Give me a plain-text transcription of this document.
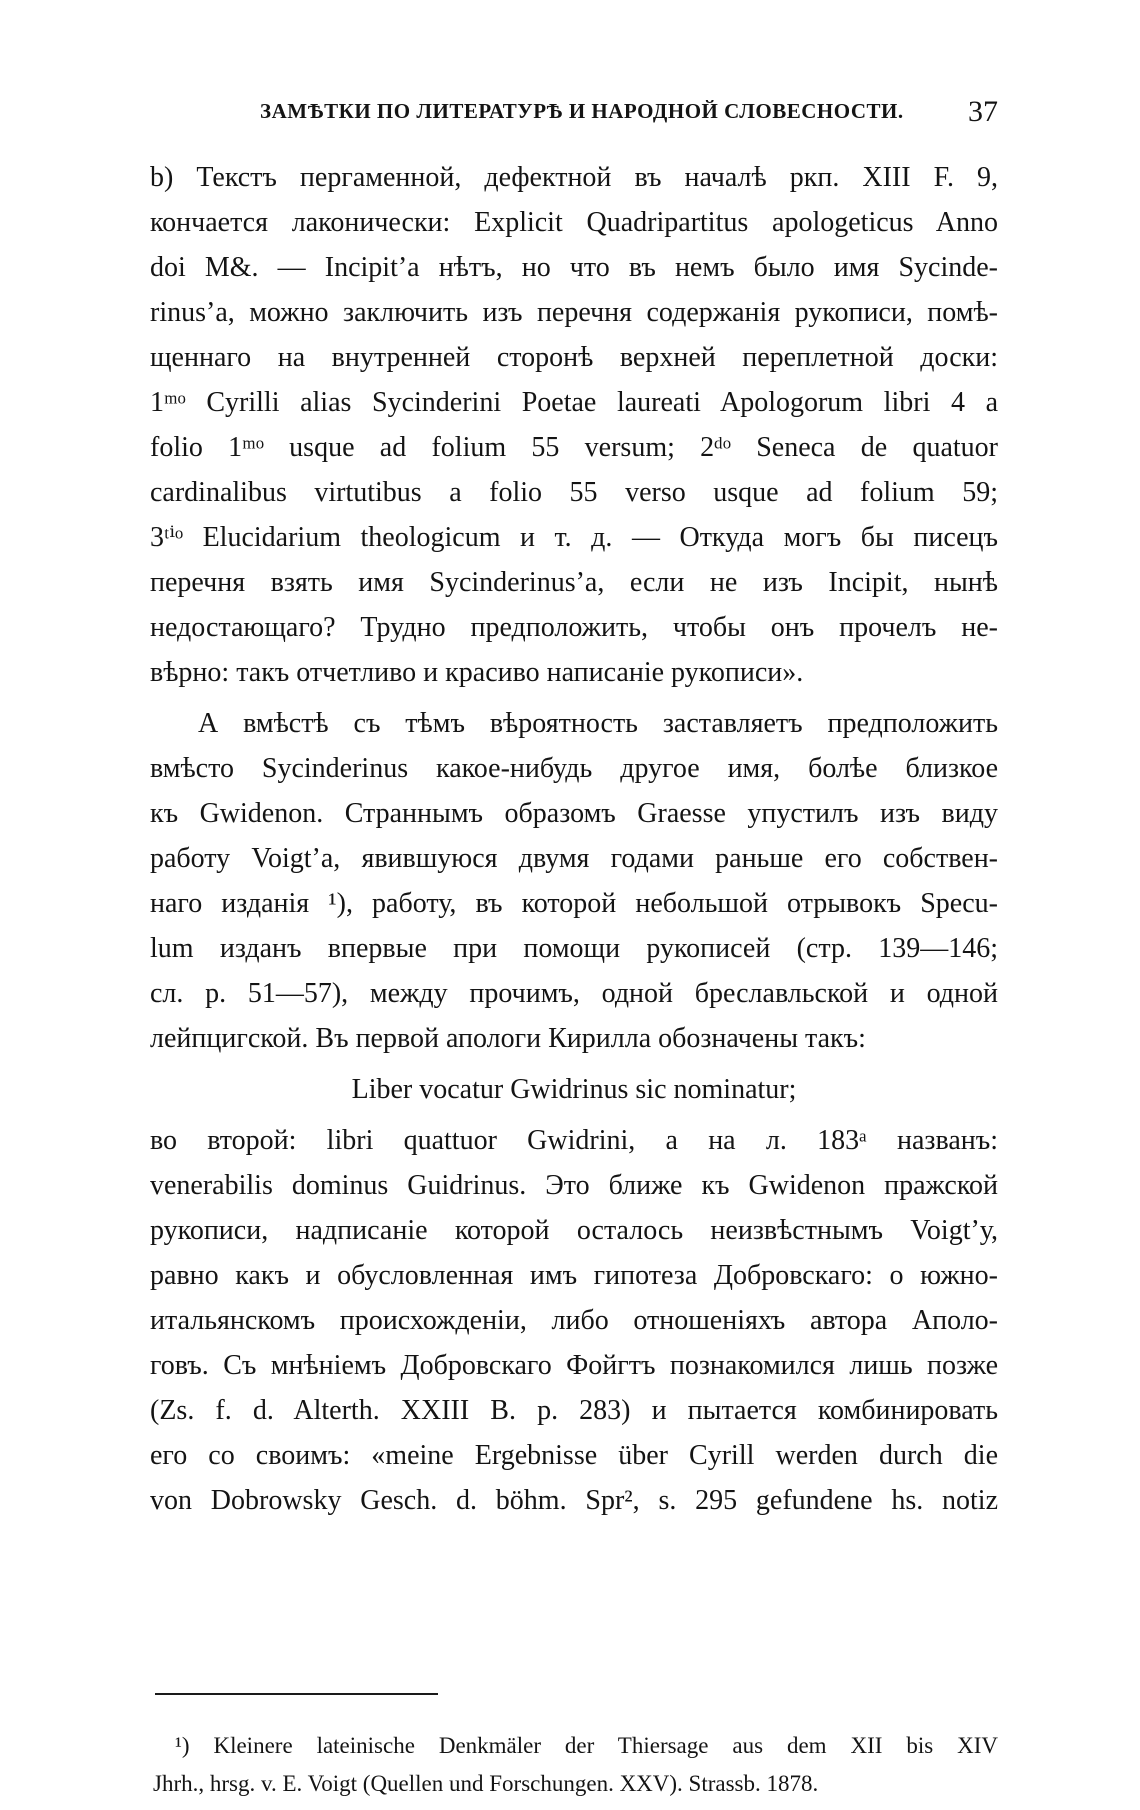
ЗАМѢТКИ ПО ЛИТЕРАТУРѢ И НАРОДНОЙ СЛОВЕСНОСТИ. 37
b) Текстъ пергаменной, дефектной въ началѣ ркп. XIII F. 9,
кончается лаконически: Explicit Quadripartitus apologeticus Anno
doi M&. — Incipit’а нѣтъ, но что въ немъ было имя Sycinde-
rinus’а, можно заключить изъ перечня содержанія рукописи, помѣ-
щеннаго на внутренней сторонѣ верхней переплетной доски:
1ᵐᵒ Cyrilli alias Sycinderini Poetae laureati Apologorum libri 4 a
folio 1ᵐᵒ usque ad folium 55 versum; 2ᵈᵒ Seneca de quatuor
cardinalibus virtutibus a folio 55 verso usque ad folium 59;
3ᵗⁱᵒ Elucidarium theologicum и т. д. — Откуда могъ бы писецъ
перечня взять имя Sycinderinus’а, если не изъ Incipit, нынѣ
недостающаго? Трудно предположить, чтобы онъ прочелъ не-
вѣрно: такъ отчетливо и красиво написаніе рукописи».
А вмѣстѣ съ тѣмъ вѣроятность заставляетъ предположить
вмѣсто Sycinderinus какое-нибудь другое имя, болѣе близкое
къ Gwidenon. Страннымъ образомъ Graesse упустилъ изъ виду
работу Voigt’а, явившуюся двумя годами раньше его собствен-
наго изданія ¹), работу, въ которой небольшой отрывокъ Specu-
lum изданъ впервые при помощи рукописей (стр. 139—146;
сл. p. 51—57), между прочимъ, одной бреславльской и одной
лейпцигской. Въ первой апологи Кирилла обозначены такъ:
Liber vocatur Gwidrinus sic nominatur;
во второй: libri quattuor Gwidrini, а на л. 183ᵃ названъ:
venerabilis dominus Guidrinus. Это ближе къ Gwidenon пражской
рукописи, надписаніе которой осталось неизвѣстнымъ Voigt’у,
равно какъ и обусловленная имъ гипотеза Добровскаго: о южно-
итальянскомъ происхожденіи, либо отношеніяхъ автора Аполо-
говъ. Съ мнѣніемъ Добровскаго Фойгтъ познакомился лишь позже
(Zs. f. d. Alterth. XXIII B. p. 283) и пытается комбинировать
его со своимъ: «meine Ergebnisse über Cyrill werden durch die
von Dobrowsky Gesch. d. böhm. Spr², s. 295 gefundene hs. notiz
¹) Kleinere lateinische Denkmäler der Thiersage aus dem XII bis XIV
Jhrh., hrsg. v. E. Voigt (Quellen und Forschungen. XXV). Strassb. 1878.
